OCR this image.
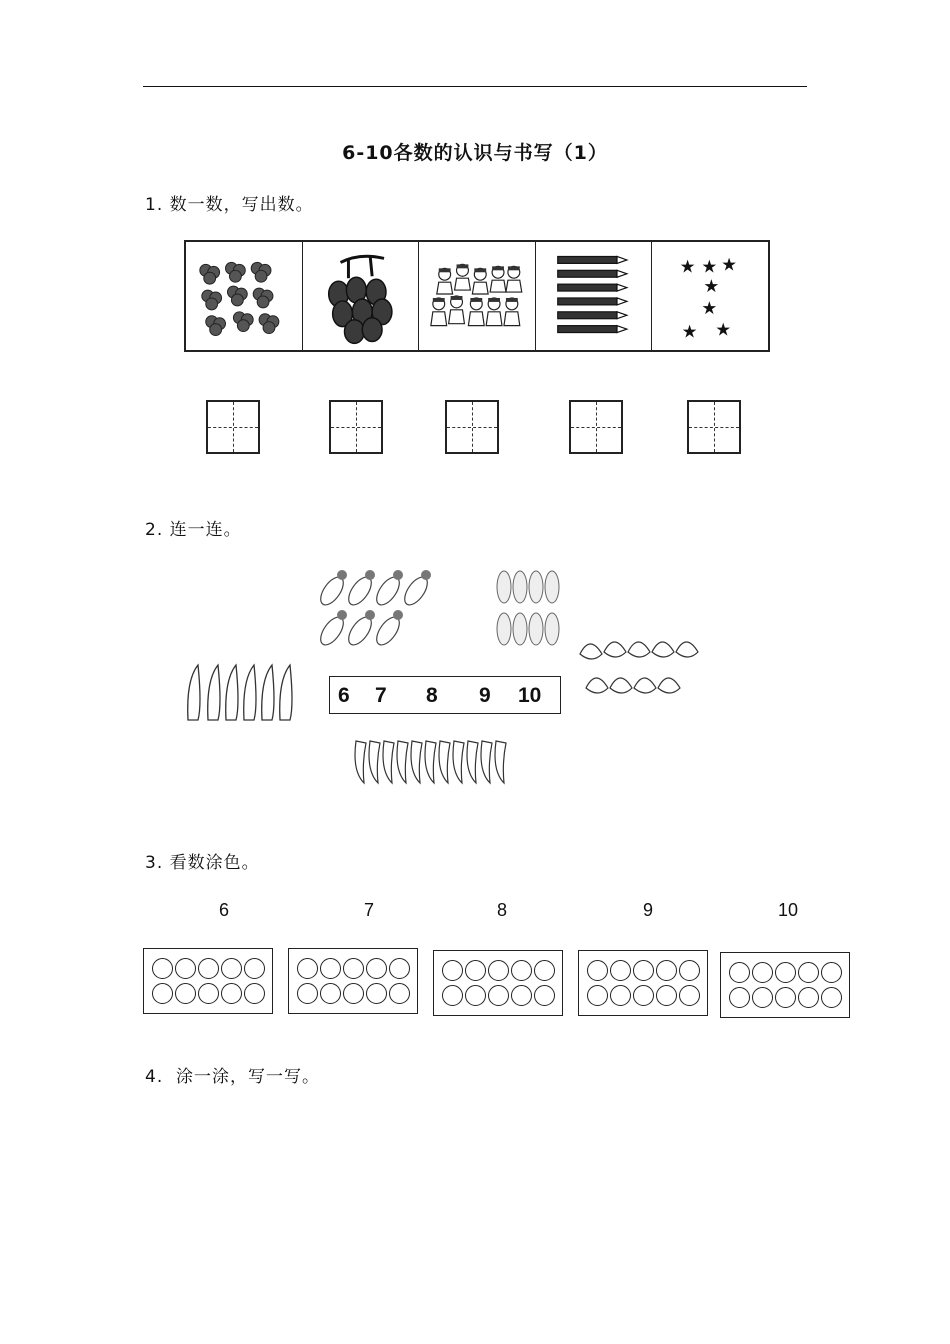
6-10各数的认识与书写（1）
1. 数一数，写出数。
★ ★ ★
★
★
★ ★
2. 连一连。
6 7 8 9 10
3. 看数涂色。
6	7	8	9	10
4.  涂一涂，写一写。
